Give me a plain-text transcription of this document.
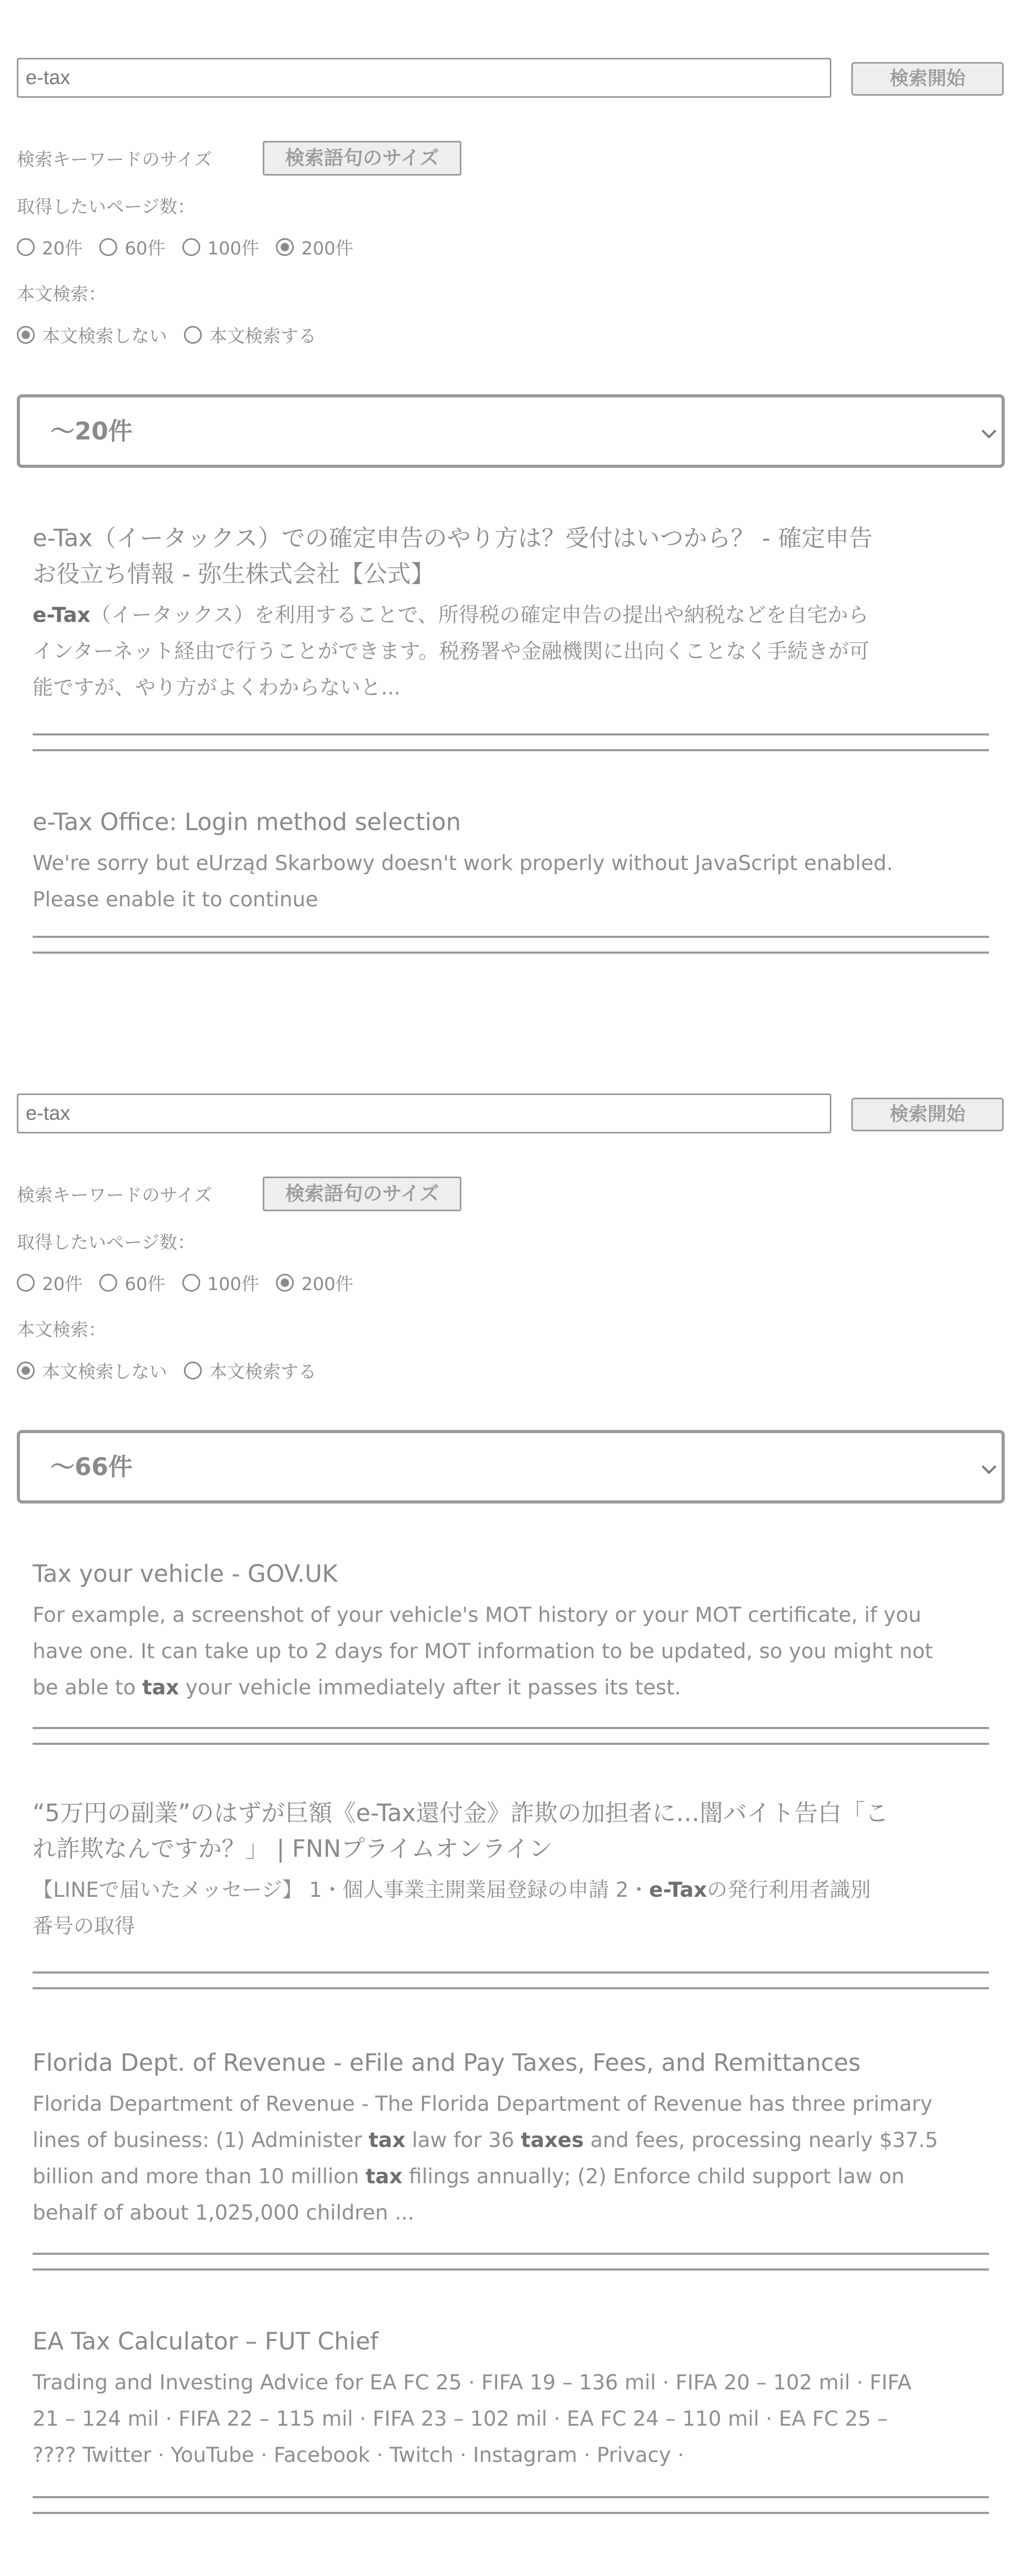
e-tax
検索開始
検索キーワードのサイズ	検索語句のサイズ
取得したいページ数：
20件 60件 100件 200件
本文検索：
本文検索しない 本文検索する
～20件
e-Tax（イータックス）での確定申告のやり方は？受付はいつから？ - 確定申告
お役立ち情報 - 弥生株式会社【公式】
e-Tax（イータックス）を利用することで、所得税の確定申告の提出や納税などを自宅から
インターネット経由で行うことができます。税務署や金融機関に出向くことなく手続きが可
能ですが、やり方がよくわからないと...
e-Tax Office: Login method selection
We're sorry but eUrząd Skarbowy doesn't work properly without JavaScript enabled.
Please enable it to continue
e-tax
検索開始
検索キーワードのサイズ	検索語句のサイズ
取得したいページ数：
20件 60件 100件 200件
本文検索：
本文検索しない 本文検索する
～66件
Tax your vehicle - GOV.UK
For example, a screenshot of your vehicle's MOT history or your MOT certificate, if you
have one. It can take up to 2 days for MOT information to be updated, so you might not
be able to tax your vehicle immediately after it passes its test.
“5万円の副業”のはずが巨額《e-Tax還付金》詐欺の加担者に…闇バイト告白「こ
れ詐欺なんですか？」 | FNNプライムオンライン
【LINEで届いたメッセージ】 1・個人事業主開業届登録の申請 2・e-Taxの発行利用者識別
番号の取得
Florida Dept. of Revenue - eFile and Pay Taxes, Fees, and Remittances
Florida Department of Revenue - The Florida Department of Revenue has three primary
lines of business: (1) Administer tax law for 36 taxes and fees, processing nearly $37.5
billion and more than 10 million tax filings annually; (2) Enforce child support law on
behalf of about 1,025,000 children ...
EA Tax Calculator – FUT Chief
Trading and Investing Advice for EA FC 25 · FIFA 19 – 136 mil · FIFA 20 – 102 mil · FIFA
21 – 124 mil · FIFA 22 – 115 mil · FIFA 23 – 102 mil · EA FC 24 – 110 mil · EA FC 25 –
???? Twitter · YouTube · Facebook · Twitch · Instagram · Privacy ·
